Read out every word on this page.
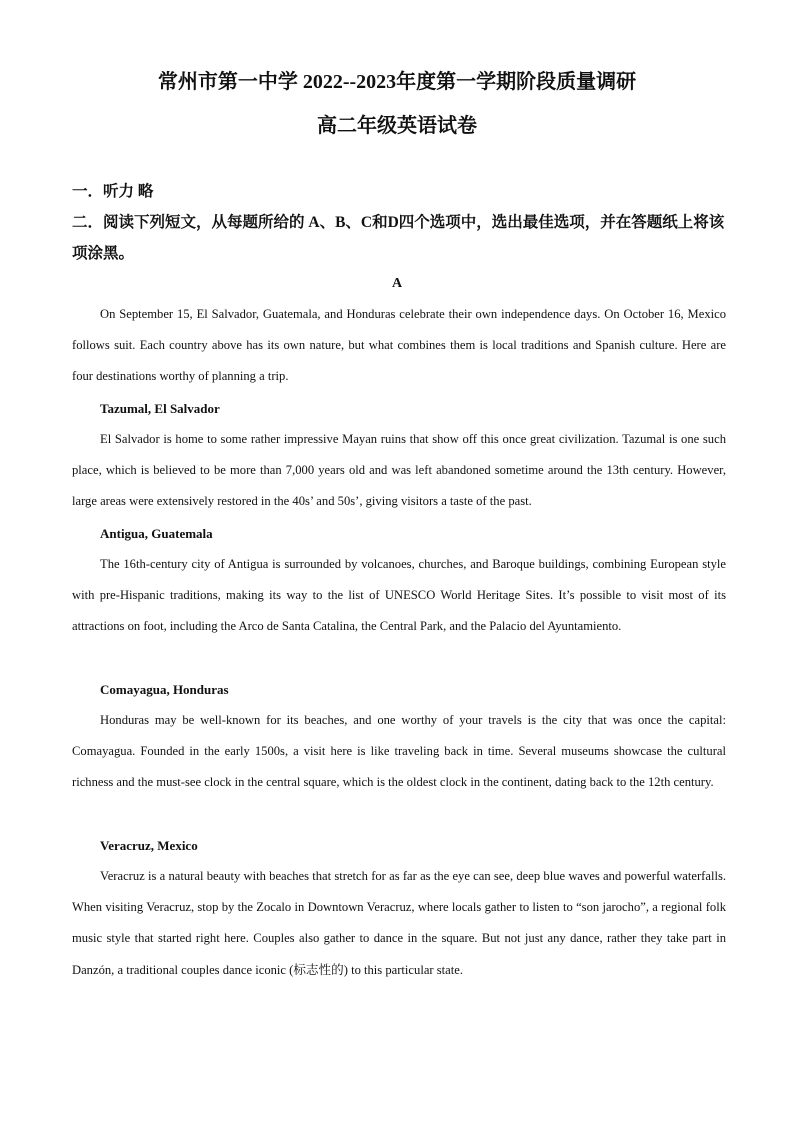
常州市第一中学 2022--2023年度第一学期阶段质量调研
高二年级英语试卷
一．听力 略
二．阅读下列短文，从每题所给的 A、B、C和D四个选项中，选出最佳选项，并在答题纸上将该项涂黑。
A

On September 15, El Salvador, Guatemala, and Honduras celebrate their own independence days. On October 16, Mexico follows suit. Each country above has its own nature, but what combines them is local traditions and Spanish culture. Here are four destinations worthy of planning a trip.

Tazumal, El Salvador

El Salvador is home to some rather impressive Mayan ruins that show off this once great civilization. Tazumal is one such place, which is believed to be more than 7,000 years old and was left abandoned sometime around the 13th century. However, large areas were extensively restored in the 40s’ and 50s’, giving visitors a taste of the past.

Antigua, Guatemala

The 16th-century city of Antigua is surrounded by volcanoes, churches, and Baroque buildings, combining European style with pre-Hispanic traditions, making its way to the list of UNESCO World Heritage Sites. It’s possible to visit most of its attractions on foot, including the Arco de Santa Catalina, the Central Park, and the Palacio del Ayuntamiento.

Comayagua, Honduras

Honduras may be well-known for its beaches, and one worthy of your travels is the city that was once the capital: Comayagua. Founded in the early 1500s, a visit here is like traveling back in time. Several museums showcase the cultural richness and the must-see clock in the central square, which is the oldest clock in the continent, dating back to the 12th century.

Veracruz, Mexico

Veracruz is a natural beauty with beaches that stretch for as far as the eye can see, deep blue waves and powerful waterfalls. When visiting Veracruz, stop by the Zocalo in Downtown Veracruz, where locals gather to listen to “son jarocho”, a regional folk music style that started right here. Couples also gather to dance in the square. But not just any dance, rather they take part in Danzón, a traditional couples dance iconic (标志性的) to this particular state.
